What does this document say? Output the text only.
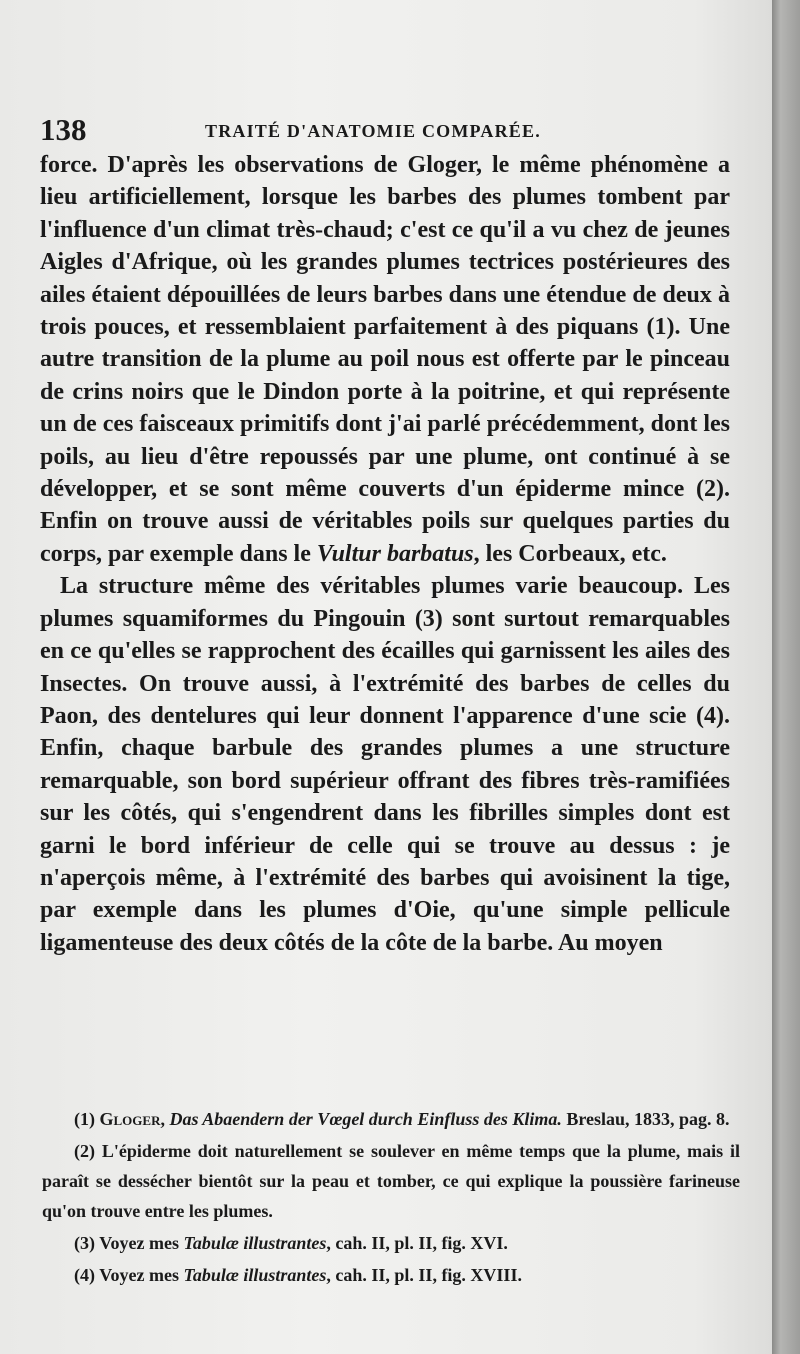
138	TRAITÉ D'ANATOMIE COMPARÉE.

force. D'après les observations de Gloger, le même phénomène a lieu artificiellement, lorsque les barbes des plumes tombent par l'influence d'un climat très-chaud; c'est ce qu'il a vu chez de jeunes Aigles d'Afrique, où les grandes plumes tectrices postérieures des ailes étaient dépouillées de leurs barbes dans une étendue de deux à trois pouces, et ressemblaient parfaitement à des piquans (1). Une autre transition de la plume au poil nous est offerte par le pinceau de crins noirs que le Dindon porte à la poitrine, et qui représente un de ces faisceaux primitifs dont j'ai parlé précédemment, dont les poils, au lieu d'être repoussés par une plume, ont continué à se développer, et se sont même couverts d'un épiderme mince (2). Enfin on trouve aussi de véritables poils sur quelques parties du corps, par exemple dans le Vultur barbatus, les Corbeaux, etc.

La structure même des véritables plumes varie beaucoup. Les plumes squamiformes du Pingouin (3) sont surtout remarquables en ce qu'elles se rapprochent des écailles qui garnissent les ailes des Insectes. On trouve aussi, à l'extrémité des barbes de celles du Paon, des dentelures qui leur donnent l'apparence d'une scie (4). Enfin, chaque barbule des grandes plumes a une structure remarquable, son bord supérieur offrant des fibres très-ramifiées sur les côtés, qui s'engendrent dans les fibrilles simples dont est garni le bord inférieur de celle qui se trouve au dessus : je n'aperçois même, à l'extrémité des barbes qui avoisinent la tige, par exemple dans les plumes d'Oie, qu'une simple pellicule ligamenteuse des deux côtés de la côte de la barbe. Au moyen

(1) Gloger, Das Abaendern der Vœgel durch Einfluss des Klima. Breslau, 1833, pag. 8.

(2) L'épiderme doit naturellement se soulever en même temps que la plume, mais il paraît se dessécher bientôt sur la peau et tomber, ce qui explique la poussière farineuse qu'on trouve entre les plumes.

(3) Voyez mes Tabulæ illustrantes, cah. II, pl. II, fig. XVI.

(4) Voyez mes Tabulæ illustrantes, cah. II, pl. II, fig. XVIII.
